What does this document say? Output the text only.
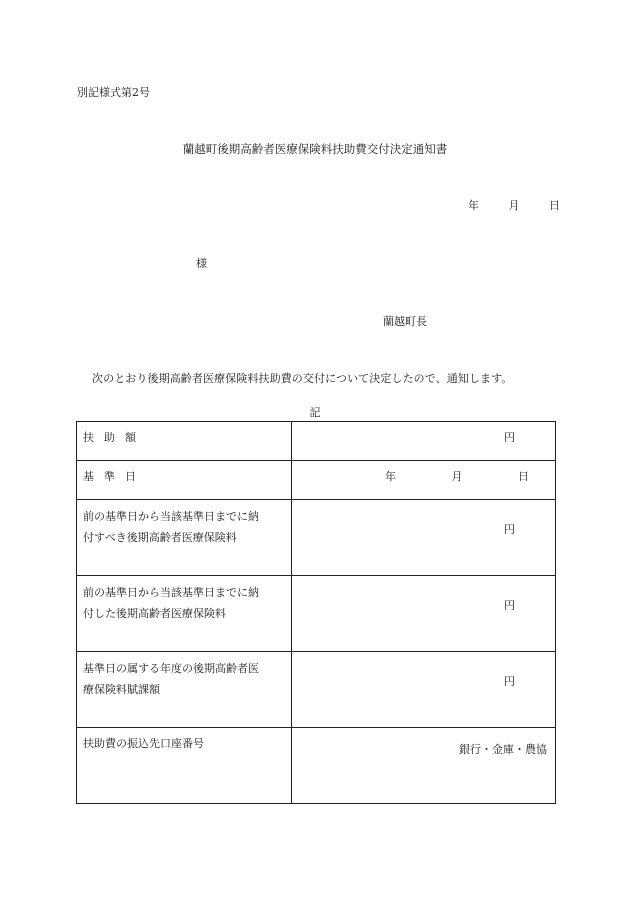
別記様式第2号
蘭越町後期高齢者医療保険料扶助費交付決定通知書
年	月	日
様
蘭越町長
次のとおり後期高齢者医療保険料扶助費の交付について決定したので、通知します。
記
扶助額	円

基準日	年 月 日

前の基準日から当該基準日までに納
付すべき後期高齢者医療保険料	円

前の基準日から当該基準日までに納
付した後期高齢者医療保険料	円

基準日の属する年度の後期高齢者医
療保険料賦課額	円

扶助費の振込先口座番号	銀行・金庫・農協
